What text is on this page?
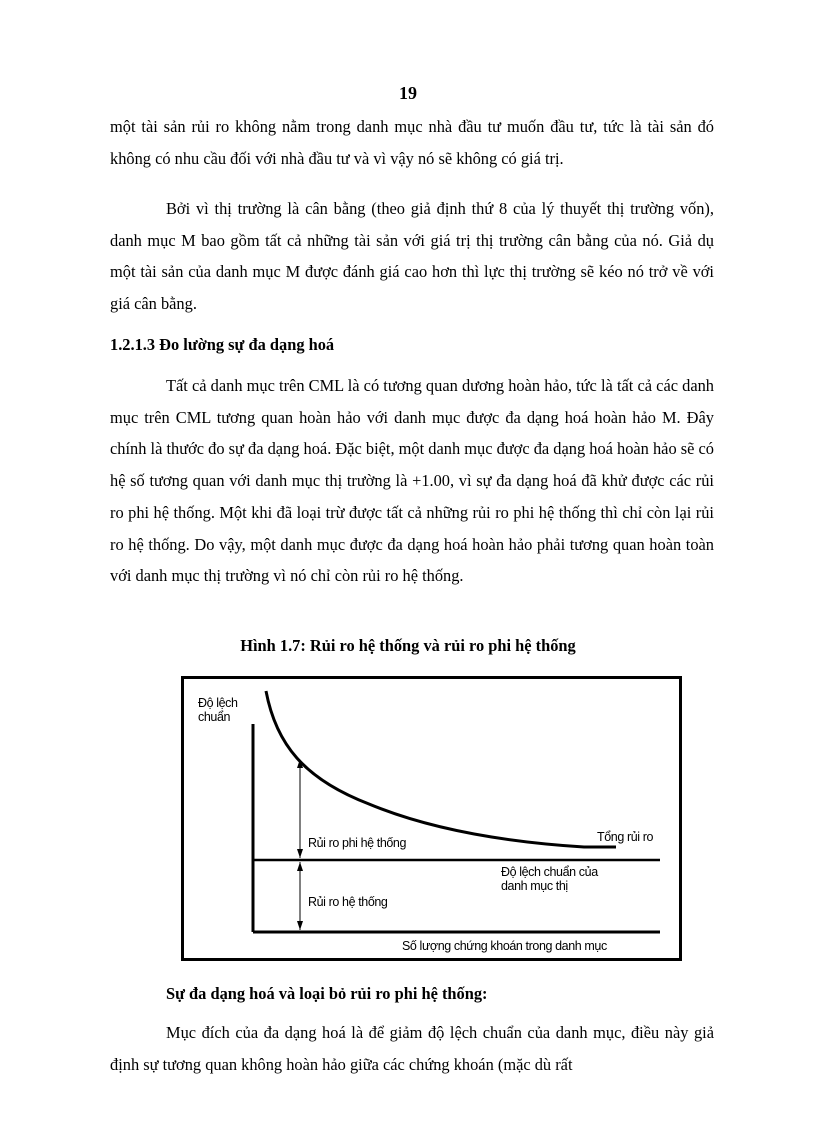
19

một tài sản rủi ro không nằm trong danh mục nhà đầu tư muốn đầu tư, tức là tài sản đó không có nhu cầu đối với nhà đầu tư và vì vậy nó sẽ không có giá trị.

Bởi vì thị trường là cân bằng (theo giả định thứ 8 của lý thuyết thị trường vốn), danh mục M bao gồm tất cả những tài sản với giá trị thị trường cân bằng của nó. Giả dụ một tài sản của danh mục M được đánh giá cao hơn thì lực thị trường sẽ kéo nó trở về với giá cân bằng.

1.2.1.3 Đo lường sự đa dạng hoá

Tất cả danh mục trên CML là có tương quan dương hoàn hảo, tức là tất cả các danh mục trên CML tương quan hoàn hảo với danh mục được đa dạng hoá hoàn hảo M. Đây chính là thước đo sự đa dạng hoá. Đặc biệt, một danh mục được đa dạng hoá hoàn hảo sẽ có hệ số tương quan với danh mục thị trường là +1.00, vì sự đa dạng hoá đã khử được các rủi ro phi hệ thống. Một khi đã loại trừ được tất cả những rủi ro phi hệ thống thì chỉ còn lại rủi ro hệ thống. Do vậy, một danh mục được đa dạng hoá hoàn hảo phải tương quan hoàn toàn với danh mục thị trường vì nó chỉ còn rủi ro hệ thống.

Hình 1.7: Rủi ro hệ thống và rủi ro phi hệ thống
Độ lệch
chuẩn
Rủi ro phi hệ thống	Tổng rủi ro
Độ lệch chuẩn của
danh mục thị
Rủi ro hệ thống
Số lượng chứng khoán trong danh mục

Sự đa dạng hoá và loại bỏ rủi ro phi hệ thống:

Mục đích của đa dạng hoá là để giảm độ lệch chuẩn của danh mục, điều này giả định sự tương quan không hoàn hảo giữa các chứng khoán (mặc dù rất
